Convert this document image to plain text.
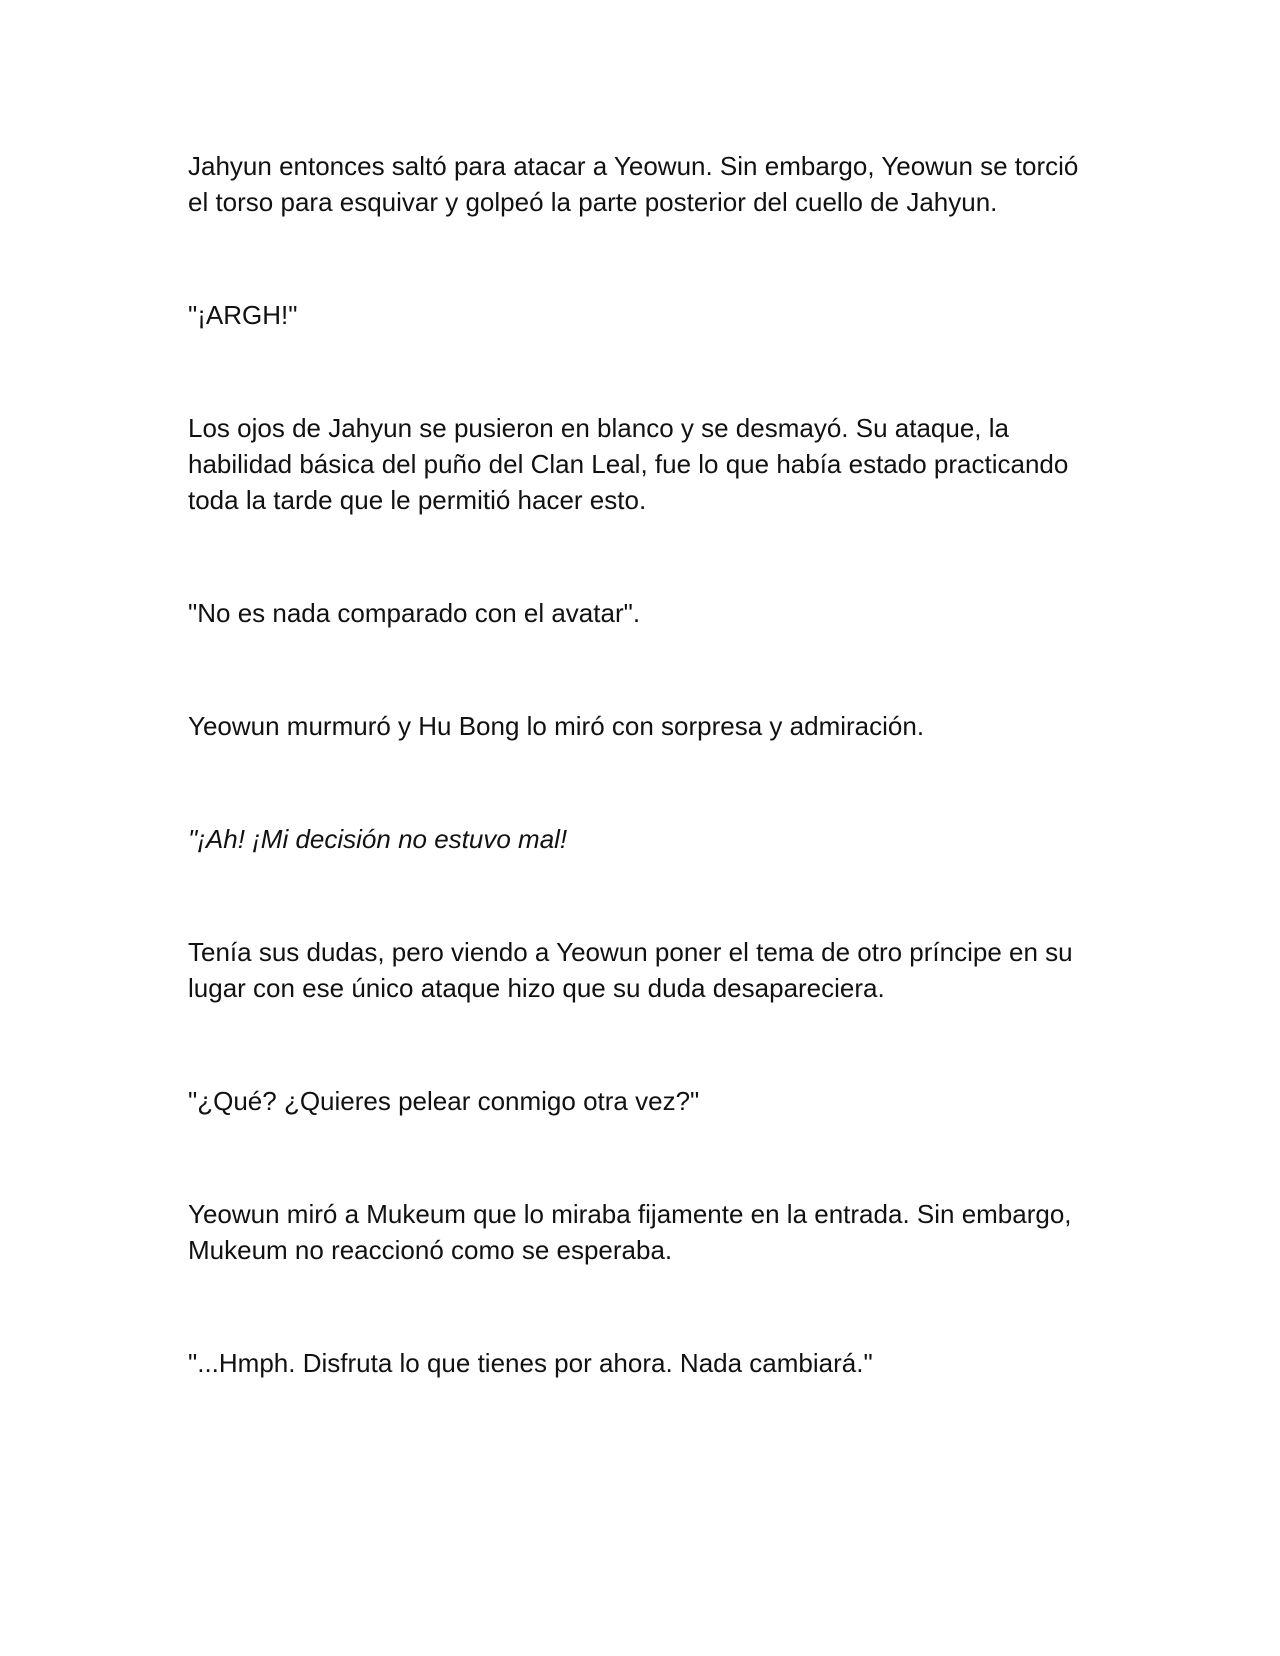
Jahyun entonces saltó para atacar a Yeowun. Sin embargo, Yeowun se torció el torso para esquivar y golpeó la parte posterior del cuello de Jahyun.

"¡ARGH!"

Los ojos de Jahyun se pusieron en blanco y se desmayó. Su ataque, la habilidad básica del puño del Clan Leal, fue lo que había estado practicando toda la tarde que le permitió hacer esto.

"No es nada comparado con el avatar".

Yeowun murmuró y Hu Bong lo miró con sorpresa y admiración.

"¡Ah! ¡Mi decisión no estuvo mal!

Tenía sus dudas, pero viendo a Yeowun poner el tema de otro príncipe en su lugar con ese único ataque hizo que su duda desapareciera.

"¿Qué? ¿Quieres pelear conmigo otra vez?"

Yeowun miró a Mukeum que lo miraba fijamente en la entrada. Sin embargo, Mukeum no reaccionó como se esperaba.

"...Hmph. Disfruta lo que tienes por ahora. Nada cambiará."
